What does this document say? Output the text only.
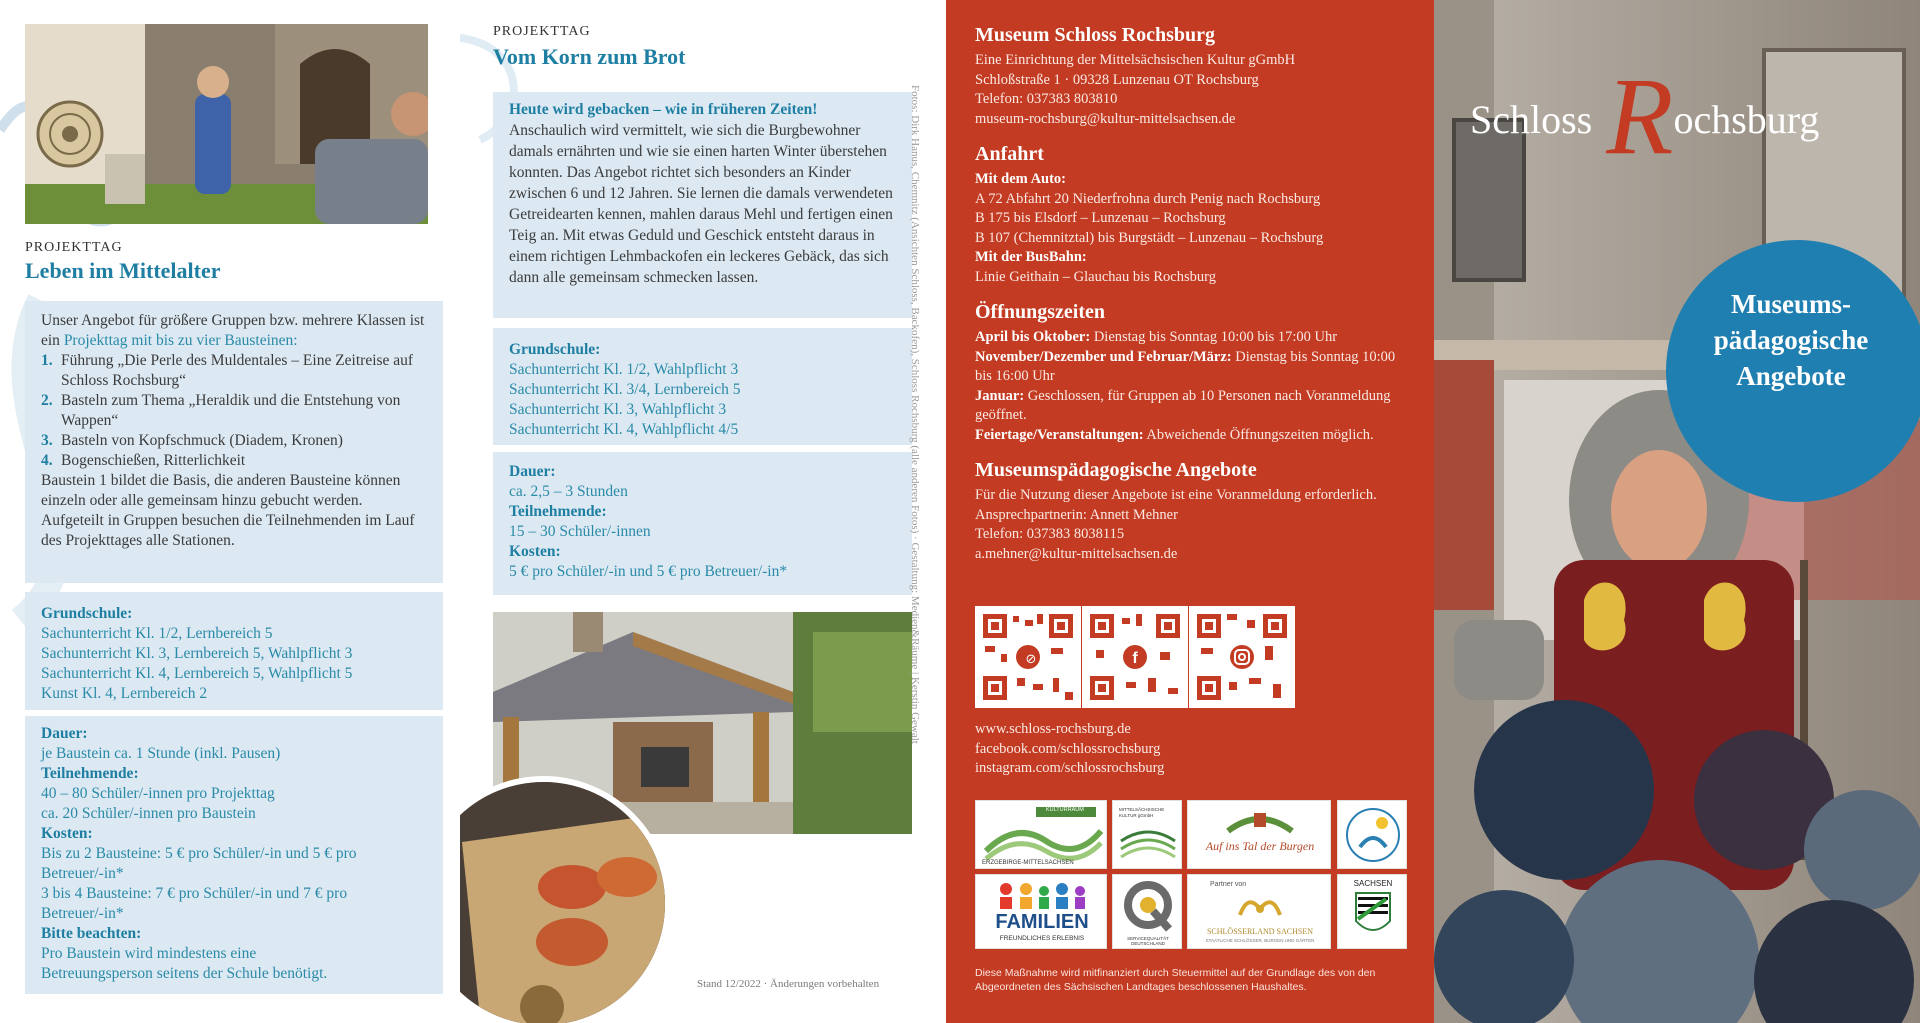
PROJEKTTAG
Leben im Mittelalter
Unser Angebot für größere Gruppen bzw. mehrere Klassen ist ein Projekttag mit bis zu vier Bausteinen:
1. Führung „Die Perle des Muldentales – Eine Zeitreise auf Schloss Rochsburg“
2. Basteln zum Thema „Heraldik und die Entstehung von Wappen“
3. Basteln von Kopfschmuck (Diadem, Kronen)
4. Bogenschießen, Ritterlichkeit
Baustein 1 bildet die Basis, die anderen Bausteine können einzeln oder alle gemeinsam hinzu gebucht werden. Aufgeteilt in Gruppen besuchen die Teilnehmenden im Lauf des Projekttages alle Stationen.
Grundschule:
Sachunterricht Kl. 1/2, Lernbereich 5
Sachunterricht Kl. 3, Lernbereich 5, Wahlpflicht 3
Sachunterricht Kl. 4, Lernbereich 5, Wahlpflicht 5
Kunst Kl. 4, Lernbereich 2
Dauer:
je Baustein ca. 1 Stunde (inkl. Pausen)
Teilnehmende:
40 – 80 Schüler/-innen pro Projekttag
ca. 20 Schüler/-innen pro Baustein
Kosten:
Bis zu 2 Bausteine: 5 € pro Schüler/-in und 5 € pro Betreuer/-in*
3 bis 4 Bausteine: 7 € pro Schüler/-in und 7 € pro Betreuer/-in*
Bitte beachten:
Pro Baustein wird mindestens eine Betreuungsperson seitens der Schule benötigt.
PROJEKTTAG
Vom Korn zum Brot
Heute wird gebacken – wie in früheren Zeiten!
Anschaulich wird vermittelt, wie sich die Burgbewohner damals ernährten und wie sie einen harten Winter überstehen konnten. Das Angebot richtet sich besonders an Kinder zwischen 6 und 12 Jahren. Sie lernen die damals verwendeten Getreidearten kennen, mahlen daraus Mehl und fertigen einen Teig an. Mit etwas Geduld und Geschick entsteht daraus in einem richtigen Lehmbackofen ein leckeres Gebäck, das sich dann alle gemeinsam schmecken lassen.
Grundschule:
Sachunterricht Kl. 1/2, Wahlpflicht 3
Sachunterricht Kl. 3/4, Lernbereich 5
Sachunterricht Kl. 3, Wahlpflicht 3
Sachunterricht Kl. 4, Wahlpflicht 4/5
Dauer:
ca. 2,5 – 3 Stunden
Teilnehmende:
15 – 30 Schüler/-innen
Kosten:
5 € pro Schüler/-in und 5 € pro Betreuer/-in*
Stand 12/2022 · Änderungen vorbehalten
Fotos: Dirk Hanus, Chemnitz (Ansichten Schloss, Backofen), Schloss Rochsburg (alle anderen Fotos) · Gestaltung: Medien&Räume | Kerstin Gewalt
Museum Schloss Rochsburg
Eine Einrichtung der Mittelsächsischen Kultur gGmbH
Schloßstraße 1 · 09328 Lunzenau OT Rochsburg
Telefon: 037383 803810
museum-rochsburg@kultur-mittelsachsen.de
Anfahrt
Mit dem Auto:
A 72 Abfahrt 20 Niederfrohna durch Penig nach Rochsburg
B 175 bis Elsdorf – Lunzenau – Rochsburg
B 107 (Chemnitztal) bis Burgstädt – Lunzenau – Rochsburg
Mit der BusBahn:
Linie Geithain – Glauchau bis Rochsburg
Öffnungszeiten
April bis Oktober: Dienstag bis Sonntag 10:00 bis 17:00 Uhr
November/Dezember und Februar/März: Dienstag bis Sonntag 10:00 bis 16:00 Uhr
Januar: Geschlossen, für Gruppen ab 10 Personen nach Voranmeldung geöffnet.
Feiertage/Veranstaltungen: Abweichende Öffnungszeiten möglich.
Museumspädagogische Angebote
Für die Nutzung dieser Angebote ist eine Voranmeldung erforderlich.
Ansprechpartnerin: Annett Mehner
Telefon: 037383 8038115
a.mehner@kultur-mittelsachsen.de
⊘	f
www.schloss-rochsburg.de
facebook.com/schlossrochsburg
instagram.com/schlossrochsburg
KULTURRAUM
ERZGEBIRGE-MITTELSACHSEN
MITTELSÄCHSISCHE KULTUR gGmbH
Auf ins Tal der Burgen
FAMILIEN
FREUNDLICHES ERLEBNIS	SERVICEQUALITÄT DEUTSCHLAND
Partner von
SCHLÖSSERLAND SACHSEN
STAATLICHE SCHLÖSSER, BURGEN UND GÄRTEN
SACHSEN
Diese Maßnahme wird mitfinanziert durch Steuermittel auf der Grundlage des von den Abgeordneten des Sächsischen Landtages beschlossenen Haushaltes.
Schloss Rochsburg
Museums-
pädagogische
Angebote
